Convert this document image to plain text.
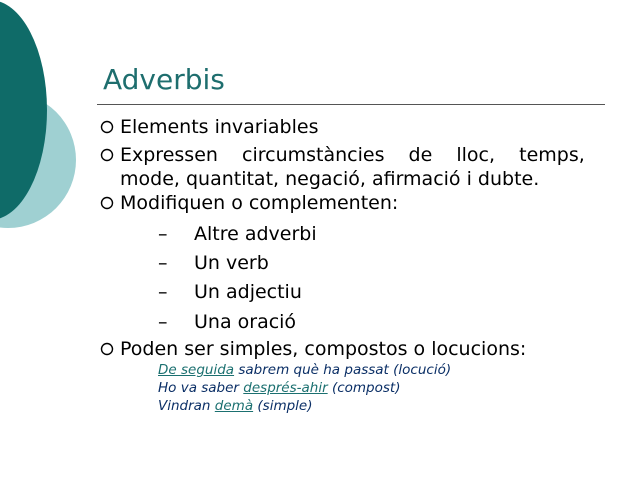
Adverbis
Elements invariables
Expressen  circumstàncies  de  lloc,  temps,
mode, quantitat, negació, afirmació i dubte.
Modifiquen o complementen:
– Altre adverbi
– Un verb
– Un adjectiu
– Una oració
Poden ser simples, compostos o locucions:
De seguida sabrem què ha passat (locució)
Ho va saber després-ahir (compost)
Vindran demà (simple)
